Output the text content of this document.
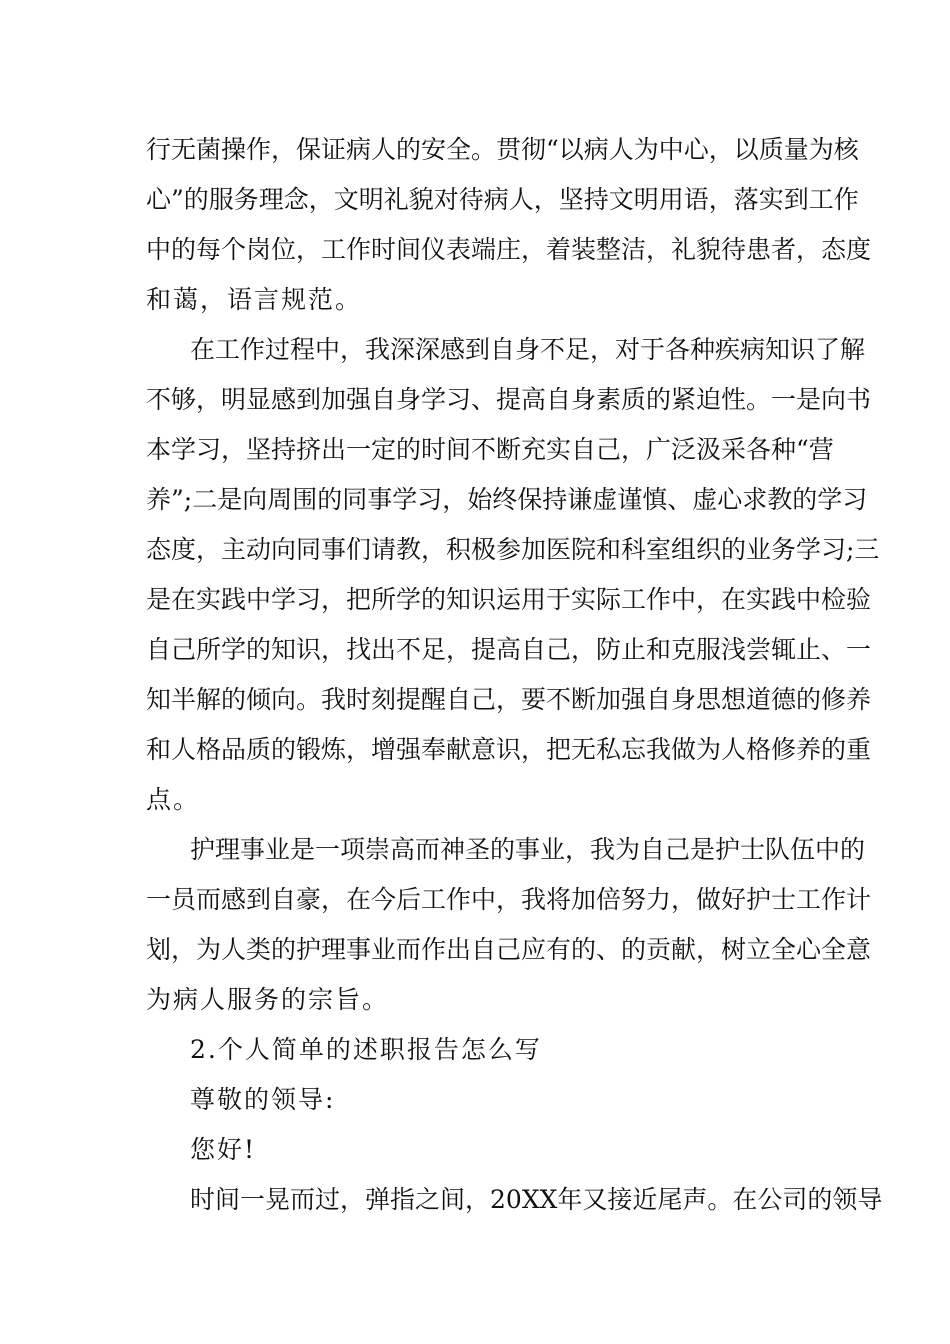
行无菌操作，保证病人的安全。贯彻“以病人为中心，以质量为核
心”的服务理念，文明礼貌对待病人，坚持文明用语，落实到工作
中的每个岗位，工作时间仪表端庄，着装整洁，礼貌待患者，态度
和蔼，语言规范。
在工作过程中，我深深感到自身不足，对于各种疾病知识了解
不够，明显感到加强自身学习、提高自身素质的紧迫性。一是向书
本学习，坚持挤出一定的时间不断充实自己，广泛汲采各种“营
养”;二是向周围的同事学习，始终保持谦虚谨慎、虚心求教的学习
态度，主动向同事们请教，积极参加医院和科室组织的业务学习;三
是在实践中学习，把所学的知识运用于实际工作中，在实践中检验
自己所学的知识，找出不足，提高自己，防止和克服浅尝辄止、一
知半解的倾向。我时刻提醒自己，要不断加强自身思想道德的修养
和人格品质的锻炼，增强奉献意识，把无私忘我做为人格修养的重
点。
护理事业是一项崇高而神圣的事业，我为自己是护士队伍中的
一员而感到自豪，在今后工作中，我将加倍努力，做好护士工作计
划，为人类的护理事业而作出自己应有的、的贡献，树立全心全意
为病人服务的宗旨。
2.个人简单的述职报告怎么写
尊敬的领导:
您好!
时间一晃而过，弹指之间，20XX年又接近尾声。在公司的领导
